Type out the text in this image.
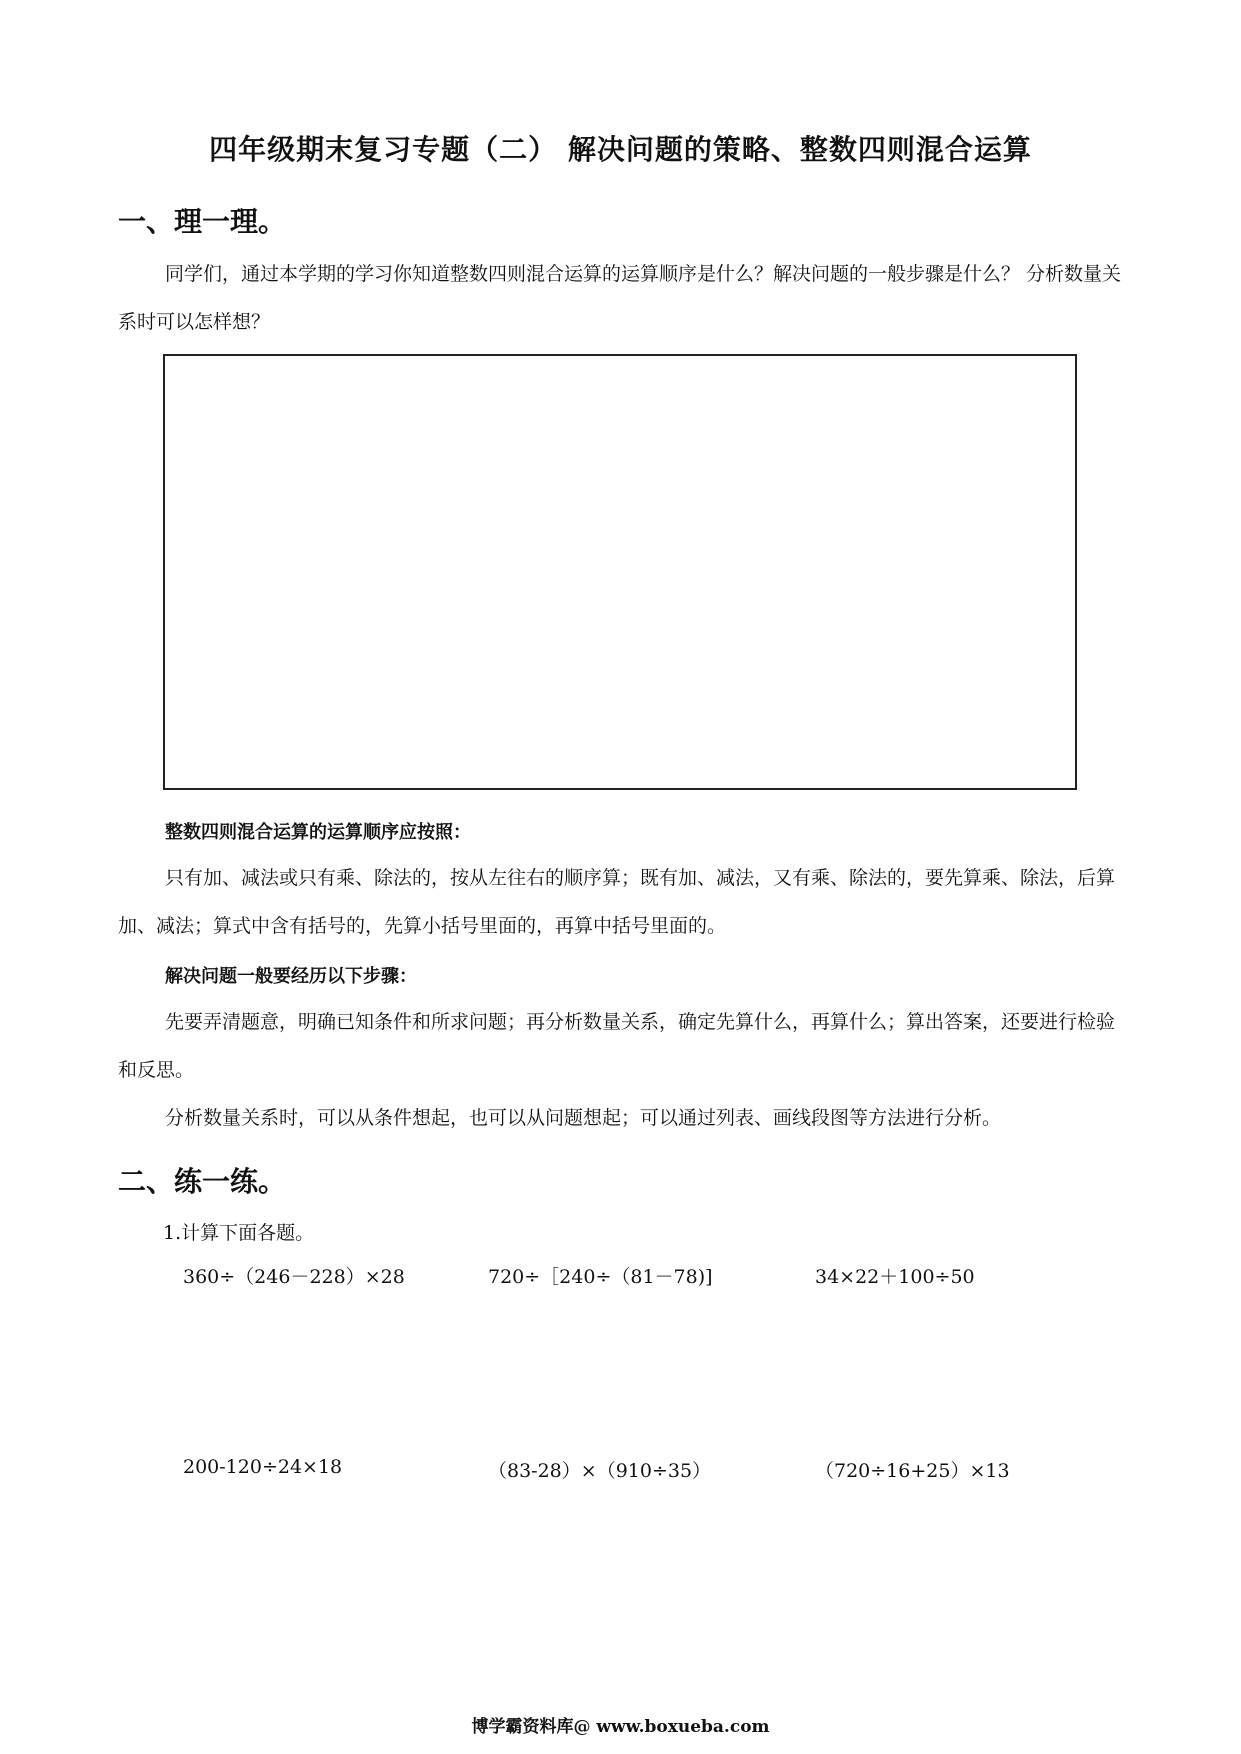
四年级期末复习专题（二） 解决问题的策略、整数四则混合运算
一、理一理。
同学们，通过本学期的学习你知道整数四则混合运算的运算顺序是什么？解决问题的一般步骤是什么？ 分析数量关系时可以怎样想？
整数四则混合运算的运算顺序应按照：
只有加、减法或只有乘、除法的，按从左往右的顺序算；既有加、减法，又有乘、除法的，要先算乘、除法，后算加、减法；算式中含有括号的，先算小括号里面的，再算中括号里面的。
解决问题一般要经历以下步骤：
先要弄清题意，明确已知条件和所求问题；再分析数量关系，确定先算什么，再算什么；算出答案，还要进行检验和反思。
分析数量关系时，可以从条件想起，也可以从问题想起；可以通过列表、画线段图等方法进行分析。
二、练一练。
1.计算下面各题。
360÷（246－228）×28	720÷［240÷（81－78)]	34×22＋100÷50
200-120÷24×18	（83-28）×（910÷35）	（720÷16+25）×13
博学霸资料库@ www.boxueba.com
